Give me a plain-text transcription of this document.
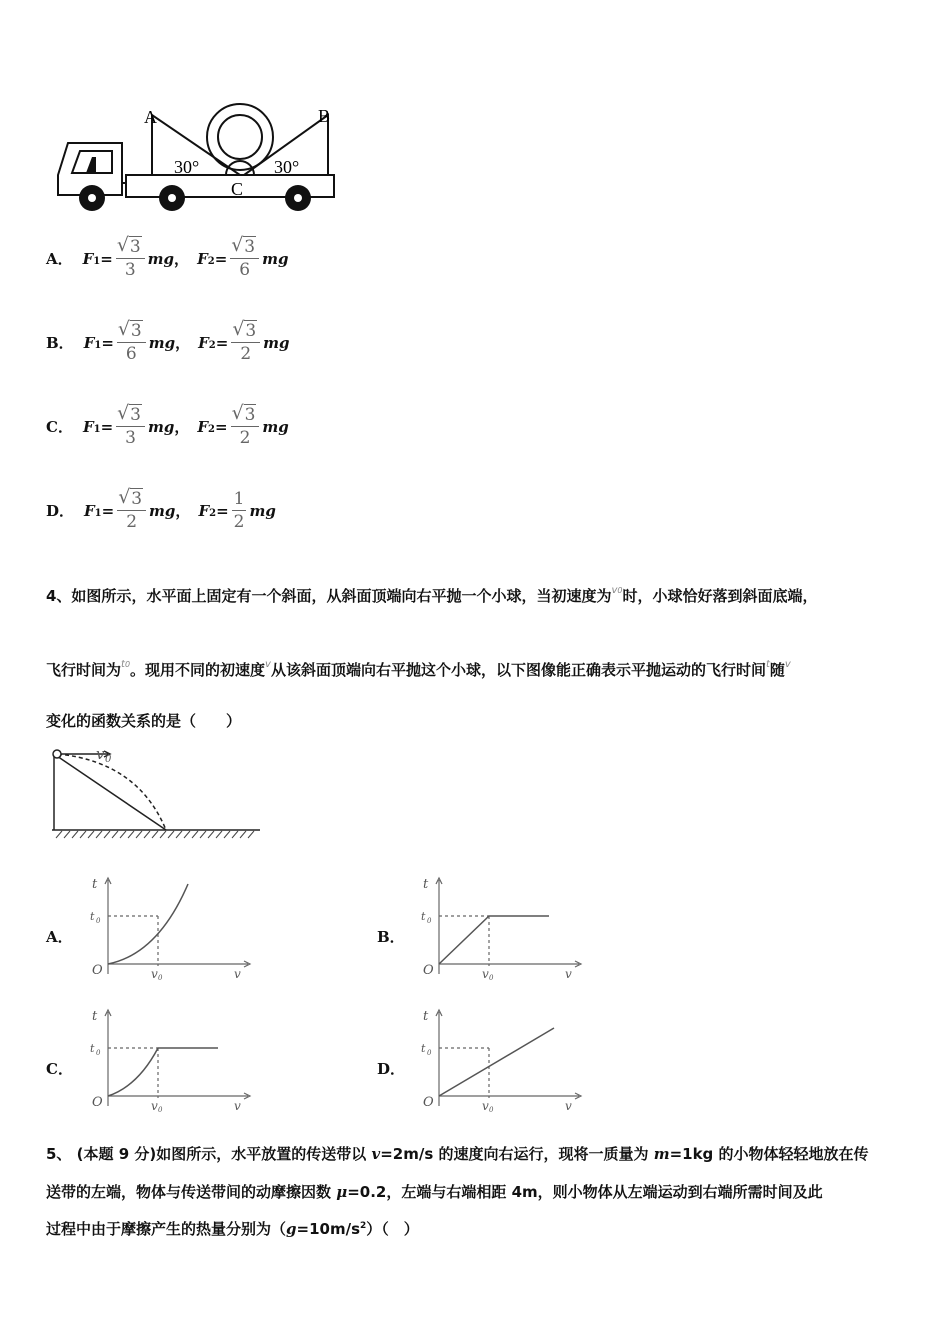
A	B
C
30°	30°
A． F 1 = √ $\frac{3}{3}$ mg ， F 2 = √ $\frac{3}{6}$ mg
B． F 1 = √ $\frac{3}{6}$ mg ， F 2 = √ $\frac{3}{2}$ mg
C． F 1 = √ $\frac{3}{3}$ mg ， F 2 = √ $\frac{3}{2}$ mg
D． F 1 = √ $\frac{3}{2}$ mg ， F $2 = \frac{1}{2}$ mg
4、如图所示，水平面上固定有一个斜面，从斜面顶端向右平抛一个小球，当初速度为$^{v0}$时，小球恰好落到斜面底端，
飞行时间为$^{t0}$。现用不同的初速度$^v$从该斜面顶端向右平抛这个小球，以下图像能正确表示平抛运动的飞行时间$^t$随$^v$
变化的函数关系的是（　　）
v 0
A．
t
t 0
O	v 0	v
B．
t
t 0
O	v 0	v
C．
t
t 0
O	v 0	v
D．
t
t 0
O	v 0	v
5、 (本题 9 分)如图所示，水平放置的传送带以 v=2m/s 的速度向右运行，现将一质量为 m=1kg 的小物体轻轻地放在传
送带的左端，物体与传送带间的动摩擦因数 μ=0.2，左端与右端相距 4m，则小物体从左端运动到右端所需时间及此
过程中由于摩擦产生的热量分别为$(g=10m/s^2)$（　）
